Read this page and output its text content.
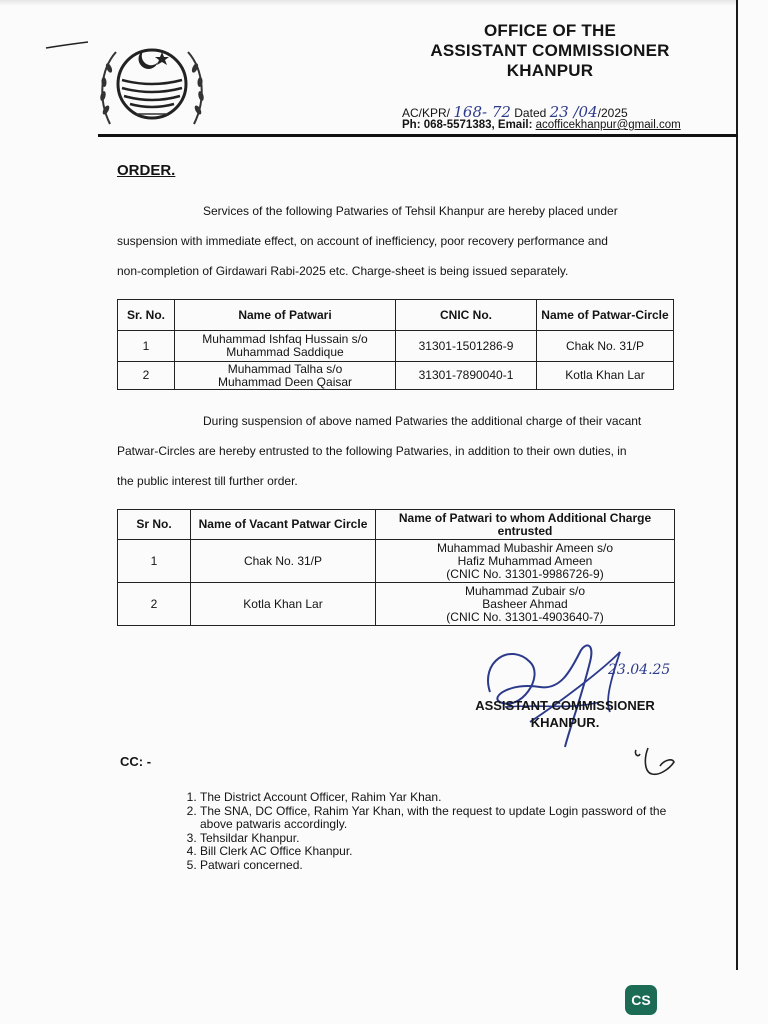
OFFICE OF THE
ASSISTANT COMMISSIONER
KHANPUR
AC/KPR/ 168- 72 Dated 23 /04/2025
Ph: 068-5571383, Email: acofficekhanpur@gmail.com
ORDER.
Services of the following Patwaries of Tehsil Khanpur are hereby placed under
suspension with immediate effect, on account of inefficiency, poor recovery performance and
non-completion of Girdawari Rabi-2025 etc. Charge-sheet is being issued separately.
Sr. No.	Name of Patwari	CNIC No.	Name of Patwar-Circle
1	Muhammad Ishfaq Hussain s/o
Muhammad Saddique	31301-1501286-9	Chak No. 31/P
2	Muhammad Talha s/o
Muhammad Deen Qaisar	31301-7890040-1	Kotla Khan Lar
During suspension of above named Patwaries the additional charge of their vacant
Patwar-Circles are hereby entrusted to the following Patwaries, in addition to their own duties, in
the public interest till further order.
Sr No.	Name of Vacant Patwar Circle	Name of Patwari to whom Additional Charge entrusted
1	Chak No. 31/P	Muhammad Mubashir Ameen s/o
Hafiz Muhammad Ameen
(CNIC No. 31301-9986726-9)

2	Kotla Khan Lar	Muhammad Zubair s/o
Basheer Ahmad
(CNIC No. 31301-4903640-7)
23.04.25
ASSISTANT COMMISSIONER
KHANPUR.
CC: -
1. The District Account Officer, Rahim Yar Khan.
2. The SNA, DC Office, Rahim Yar Khan, with the request to update Login password of the above patwaris accordingly.
3. Tehsildar Khanpur.
4. Bill Clerk AC Office Khanpur.
5. Patwari concerned.
CS
